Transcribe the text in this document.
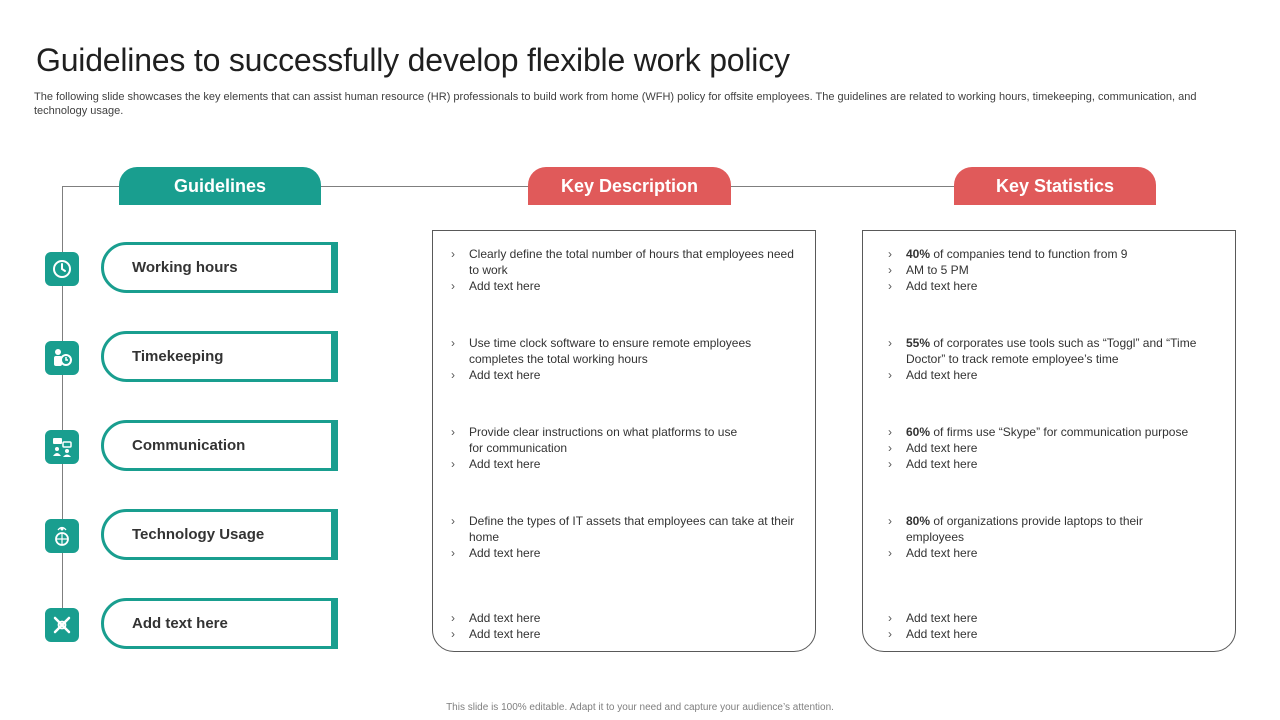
Guidelines to successfully develop flexible work policy

The following slide showcases the key elements that can assist human resource (HR) professionals to build work from home (WFH) policy for offsite employees. The guidelines are related to working hours, timekeeping, communication, and technology usage.

Guidelines	Key Description	Key Statistics
Working hours
Timekeeping
Communication
Technology Usage
Add text here
› Clearly define the total number of hours that employees need to work
› Add text here
› Use time clock software to ensure remote employees completes the total working hours
› Add text here
› Provide clear instructions on what platforms to use for communication
› Add text here
› Define the types of IT assets that employees can take at their home
› Add text here
› Add text here
› Add text here
› 40% of companies tend to function from 9
› AM to 5 PM
› Add text here
› 55% of corporates use tools such as “Toggl” and “Time Doctor” to track remote employee’s time
› Add text here
› 60% of firms use “Skype” for communication purpose
› Add text here
› Add text here
› 80% of organizations provide laptops to their employees
› Add text here
› Add text here
› Add text here
This slide is 100% editable. Adapt it to your need and capture your audience’s attention.
